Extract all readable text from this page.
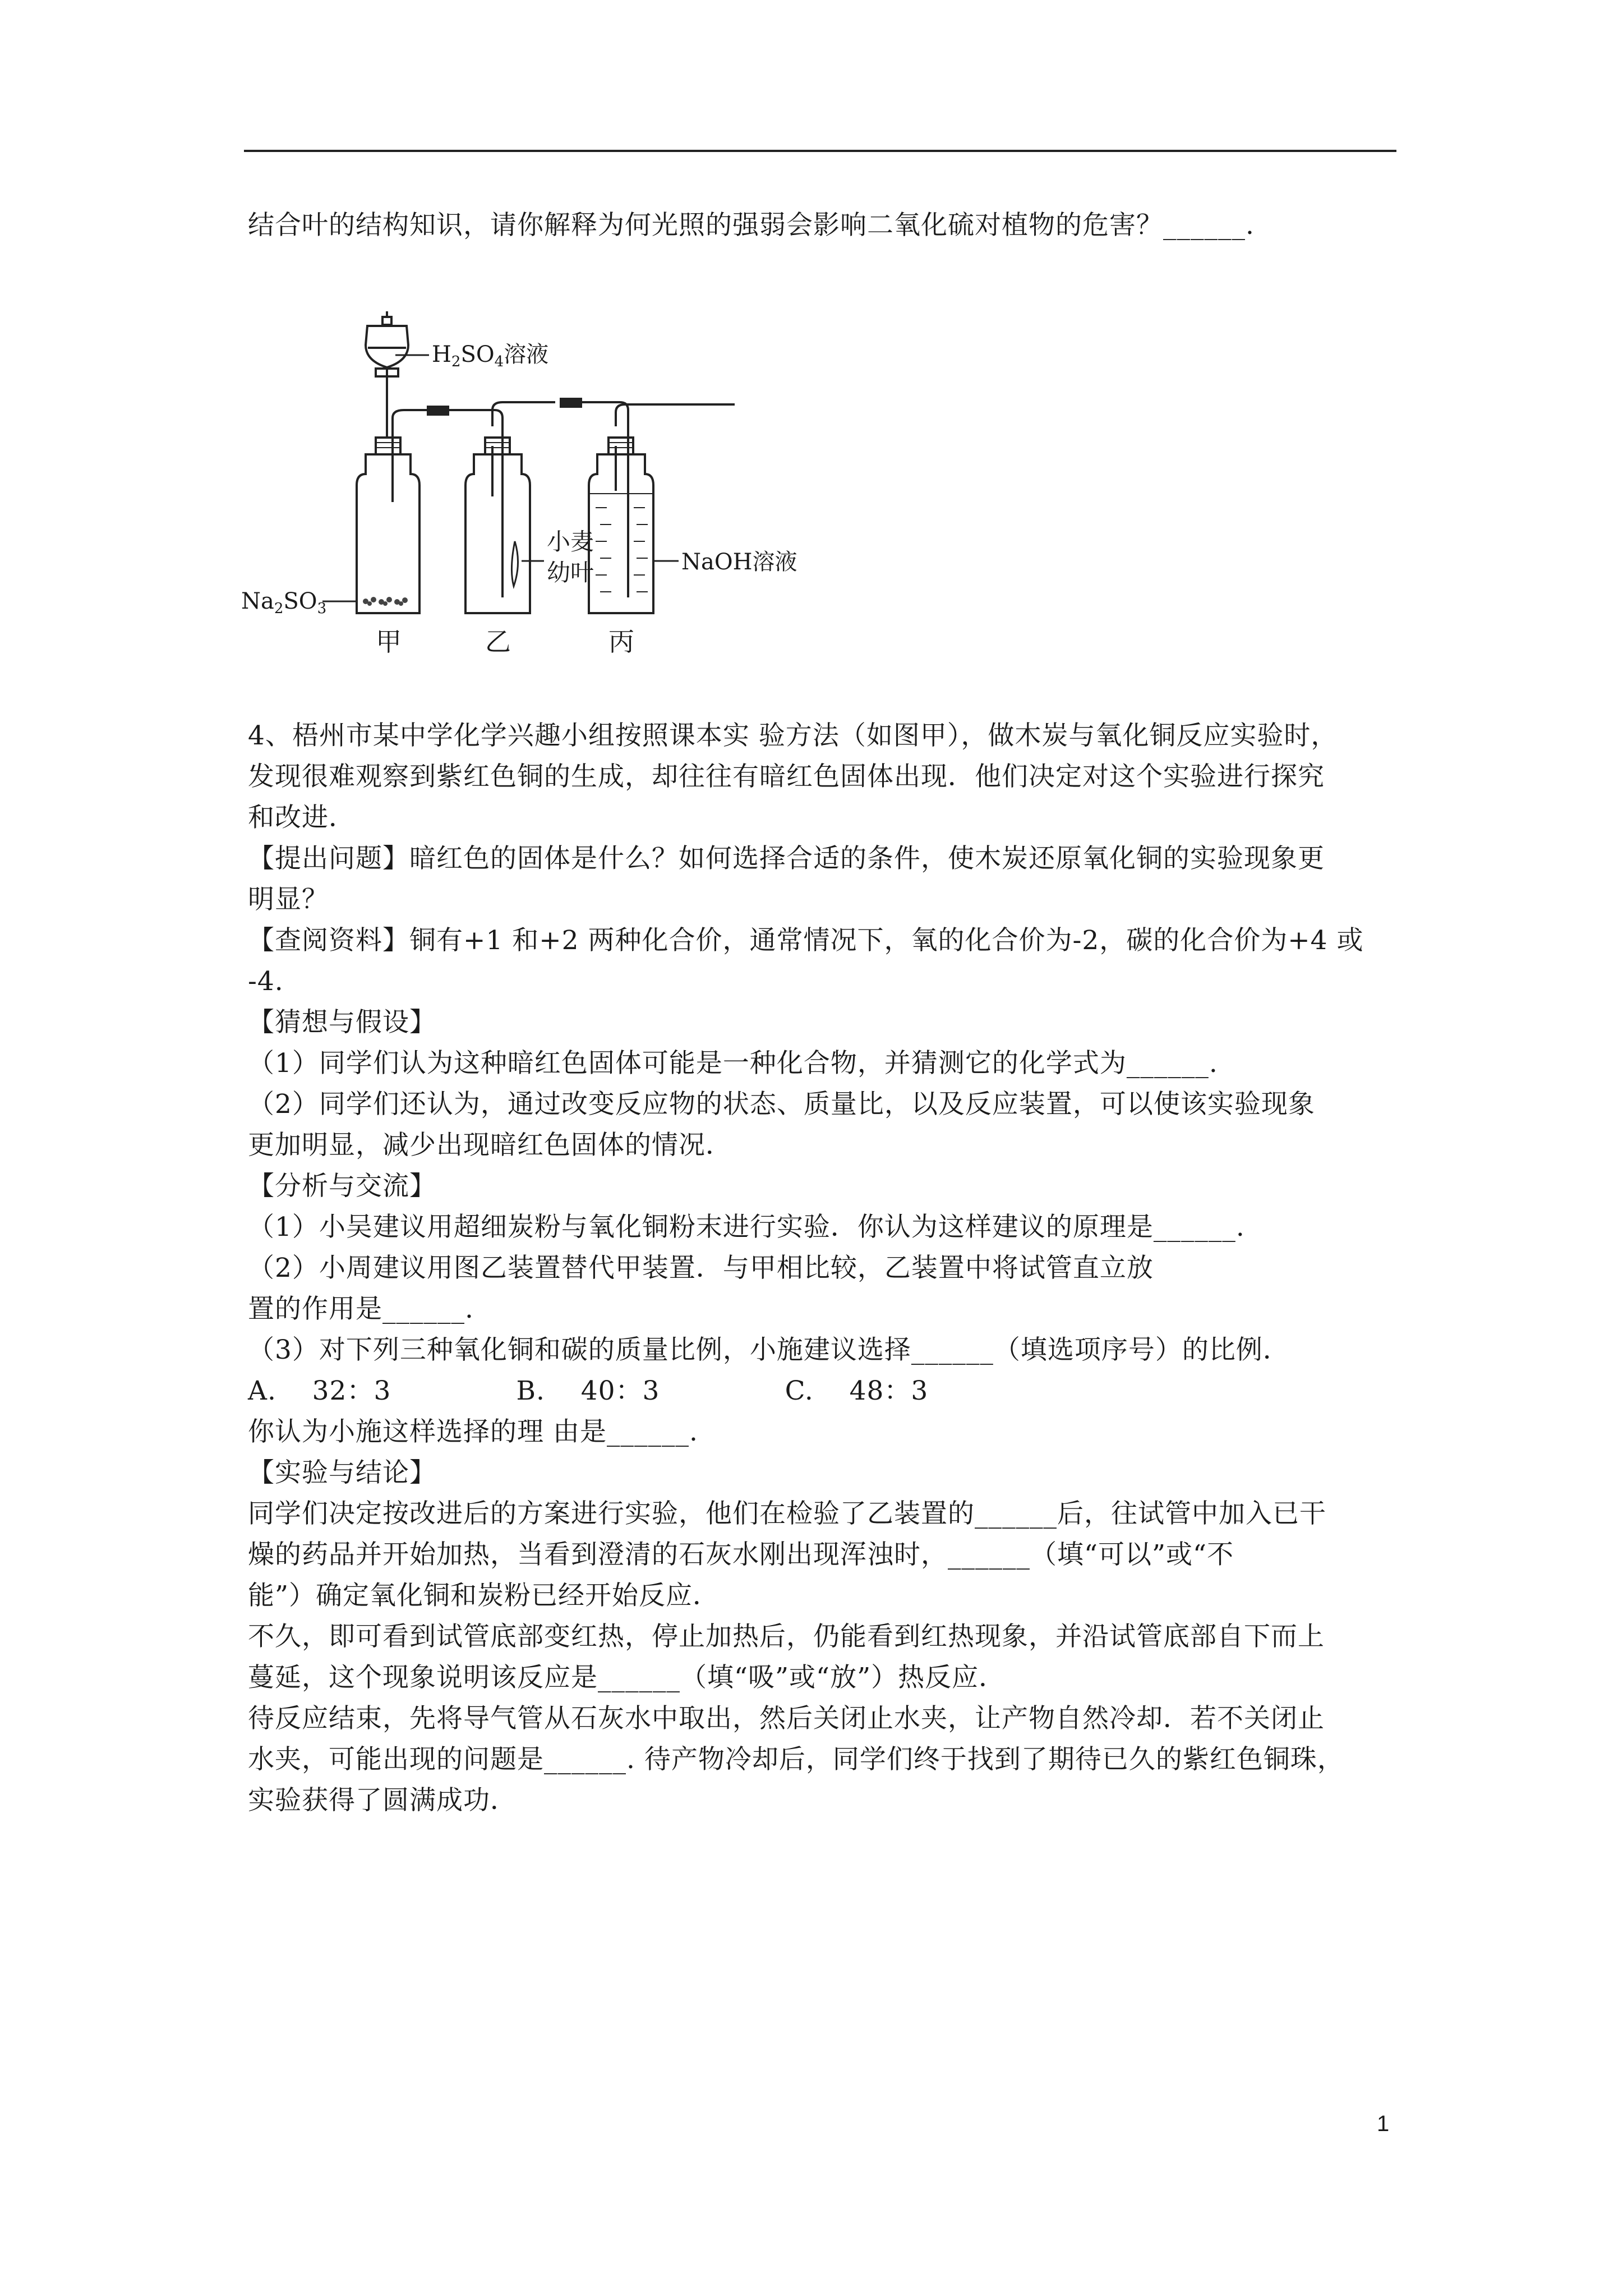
结合叶的结构知识，请你解释为何光照的强弱会影响二氧化硫对植物的危害？______.
$H_2SO_4$溶液
$Na_2SO_3$
小麦
幼叶	NaOH溶液
甲	乙	丙
4、梧州市某中学化学兴趣小组按照课本实 验方法（如图甲），做木炭与氧化铜反应实验时，
发现很难观察到紫红色铜的生成，却往往有暗红色固体出现．他们决定对这个实验进行探究
和改进．
【提出问题】暗红色的固体是什么？如何选择合适的条件，使木炭还原氧化铜的实验现象更
明显？
【查阅资料】铜有+1 和+2 两种化合价，通常情况下，氧的化合价为-2，碳的化合价为+4 或
-4.
【猜想与假设】
（1）同学们认为这种暗红色固体可能是一种化合物，并猜测它的化学式为______.
（2）同学们还认为，通过改变反应物的状态、质量比，以及反应装置，可以使该实验现象
更加明显，减少出现暗红色固体的情况．
【分析与交流】
（1）小吴建议用超细炭粉与氧化铜粉末进行实验．你认为这样建议的原理是______.
（2）小周建议用图乙装置替代甲装置．与甲相比较，乙装置中将试管直立放
置的作用是______.
（3）对下列三种氧化铜和碳的质量比例，小施建议选择______（填选项序号）的比例．
A.    32：3              B.    40：3              C.    48：3
你认为小施这样选择的理 由是______.
【实验与结论】
同学们决定按改进后的方案进行实验，他们在检验了乙装置的______后，往试管中加入已干
燥的药品并开始加热，当看到澄清的石灰水刚出现浑浊时，______（填“可以”或“不
能”）确定氧化铜和炭粉已经开始反应．
不久，即可看到试管底部变红热，停止加热后，仍能看到红热现象，并沿试管底部自下而上
蔓延，这个现象说明该反应是______（填“吸”或“放”）热反应．
待反应结束，先将导气管从石灰水中取出，然后关闭止水夹，让产物自然冷却．若不关闭止
水夹，可能出现的问题是______. 待产物冷却后，同学们终于找到了期待已久的紫红色铜珠，
实验获得了圆满成功．
1
